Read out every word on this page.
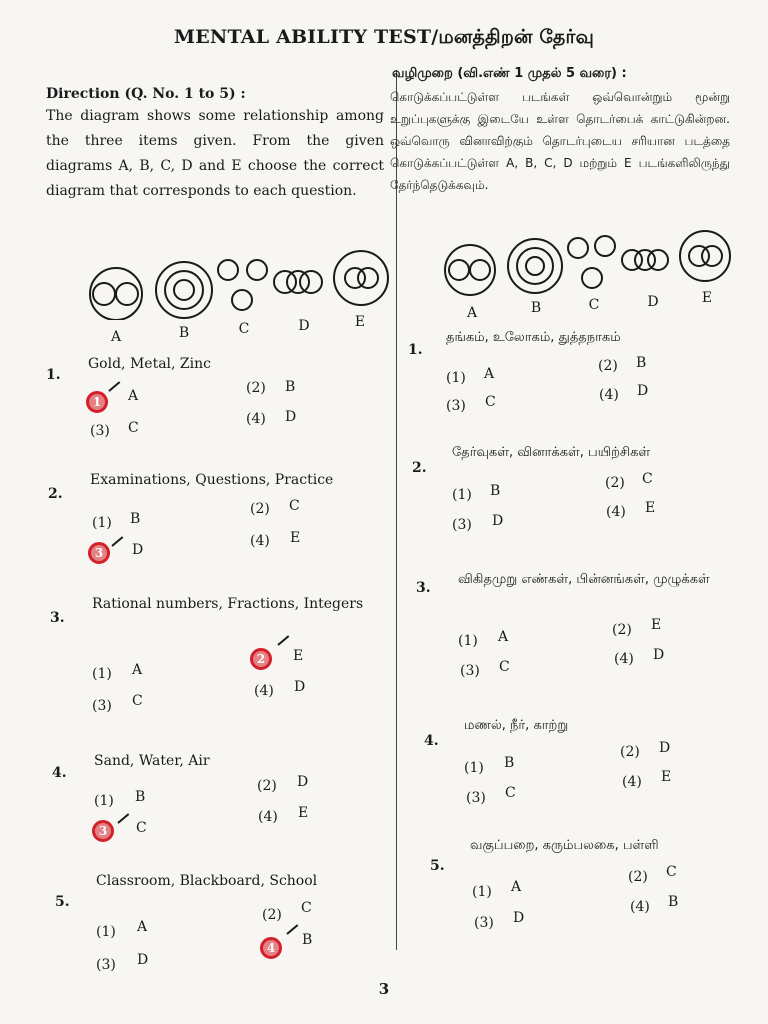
MENTAL ABILITY TEST/மனத்திறன் தேர்வு
Direction (Q. No. 1 to 5) :
The diagram shows some relationship among the three items given. From the given diagrams A, B, C, D and E choose the correct diagram that corresponds to each question.
A	B	C	D	E
1.
Gold, Metal, Zinc
1	A	(2) B
(3) C
(4) D
2.
Examinations, Questions, Practice
(1) B
3	D
(2) C
(4) E
3.
Rational numbers, Fractions, Integers
(1) A
2	E
(3) C
(4) D
4.
Sand, Water, Air
(1) B
3	C
(2) D
(4) E
5.
Classroom, Blackboard, School
(1) A
(3) D
(2) C
4	B
வழிமுறை (வி.எண் 1 முதல் 5 வரை) :
கொடுக்கப்பட்டுள்ள படங்கள் ஒவ்வொன்றும் மூன்று உறுப்புகளுக்கு இடையே உள்ள தொடர்பைக் காட்டுகின்றன. ஒவ்வொரு வினாவிற்கும் தொடர்புடைய சரியான படத்தை கொடுக்கப்பட்டுள்ள A, B, C, D மற்றும் E படங்களிலிருந்து தேர்ந்தெடுக்கவும்.
A	B	C	D	E
1.
தங்கம், உலோகம், துத்தநாகம்
(1) A	(2) B
(3) C	(4) D
2.
தேர்வுகள், வினாக்கள், பயிற்சிகள்
(1) B	(2) C
(3) D
(4) E
3.
விகிதமுறு எண்கள், பின்னங்கள், முழுக்கள்
(1) A	(2) E
(3) C	(4) D
4.
மணல், நீர், காற்று
(1) B
(2) D
(3) C
(4) E
5.
வகுப்பறை, கரும்பலகை, பள்ளி
(1) A
(2) C
(3) D
(4) B
3
